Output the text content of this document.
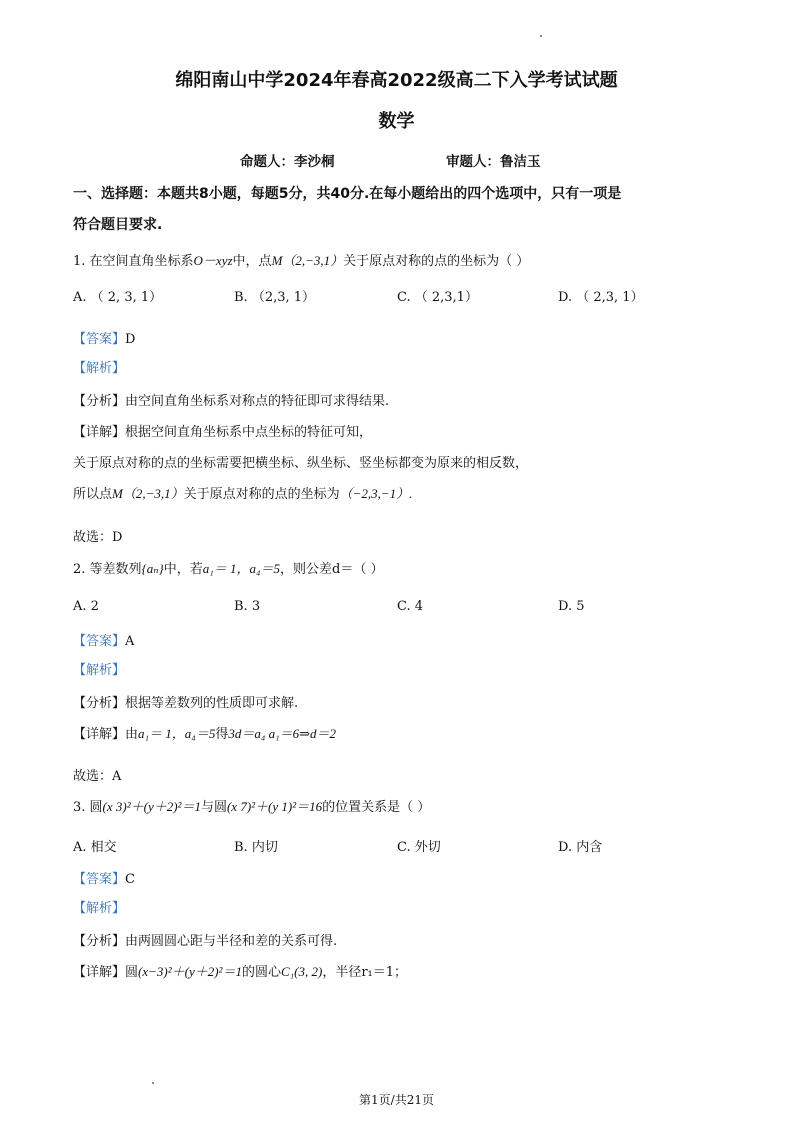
绵阳南山中学2024年春高2022级高二下入学考试试题
数学
命题人：李沙桐	审题人：鲁洁玉
一、选择题：本题共8小题，每题5分，共40分.在每小题给出的四个选项中，只有一项是
符合题目要求.
1. 在空间直角坐标系O－xyz中，点M（2,−3,1）关于原点对称的点的坐标为（ ）
A. （ 2, 3, 1）	B. （2,3, 1）	C. （ 2,3,1）	D. （ 2,3, 1）
【答案】D
【解析】
【分析】由空间直角坐标系对称点的特征即可求得结果.
【详解】根据空间直角坐标系中点坐标的特征可知，
关于原点对称的点的坐标需要把横坐标、纵坐标、竖坐标都变为原来的相反数，
所以点M（2,−3,1）关于原点对称的点的坐标为（−2,3,−1）.
故选：D
2. 等差数列{aₙ}中，若a₁＝ 1，a₄＝5，则公差d＝（ ）
A. 2	B. 3	C. 4	D. 5
【答案】A
【解析】
【分析】根据等差数列的性质即可求解.
【详解】由a₁＝ 1，a₄＝5得3d＝a₄ a₁＝6⇒d＝2
故选：A
3. 圆(x 3)²＋(y＋2)²＝1与圆(x 7)²＋(y 1)²＝16的位置关系是（ ）
A. 相交	B. 内切	C. 外切	D. 内含
【答案】C
【解析】
【分析】由两圆圆心距与半径和差的关系可得.
【详解】圆(x−3)²＋(y＋2)²＝1的圆心C₁(3, 2)，半径r₁＝1；
第1页/共21页
